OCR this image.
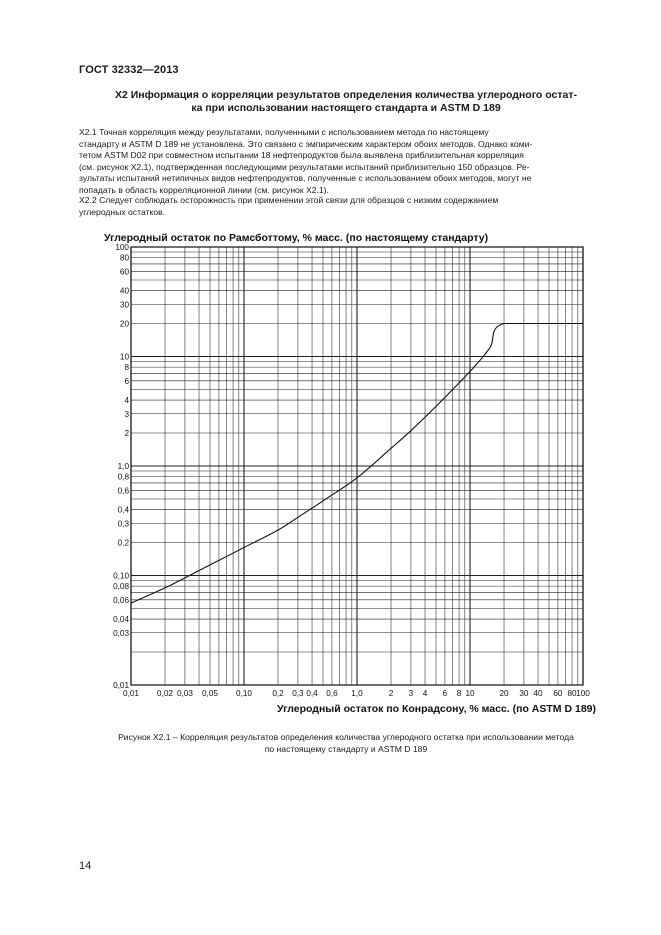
ГОСТ 32332—2013
X2 Информация о корреляции результатов определения количества углеродного остат-
ка при использовании настоящего стандарта и ASTM D 189
X2.1 Точная корреляция между результатами, полученными с использованием метода по настоящему
стандарту и ASTM D 189 не установлена. Это связано с эмпирическим характером обоих методов. Однако коми-
тетом ASTM D02 при совместном испытании 18 нефтепродуктов была выявлена приблизительная корреляция
(см. рисунок X2.1), подтвержденная последующими результатами испытаний приблизительно 150 образцов. Ре-
зультаты испытаний нетипичных видов нефтепродуктов, полученные с использованием обоих методов, могут не
попадать в область корреляционной линии (см. рисунок X2.1).
X2.2 Следует соблюдать осторожность при применении этой связи для образцов с низким содержанием
углеродных остатков.
Углеродный остаток по Рамсботтому, % масс. (по настоящему стандарту)
100
80
60
40
30
20
10
8
6
4
3
2
1,0
0,8
0,6
0,4
0,3
0,2
0,10
0,08
0,06
0,04
0,03
0,01
0,01 0,02 0,03 0,05 0,10 0,2 0,3 0,4 0,6 1,0	2 3 4 6 8 10	20 30 40 60 80 100
Углеродный остаток по Конрадсону, % масс. (по ASTM D 189)
Рисунок X2.1 – Корреляция результатов определения количества углеродного остатка при использовании метода
по настоящему стандарту и ASTM D 189
14
